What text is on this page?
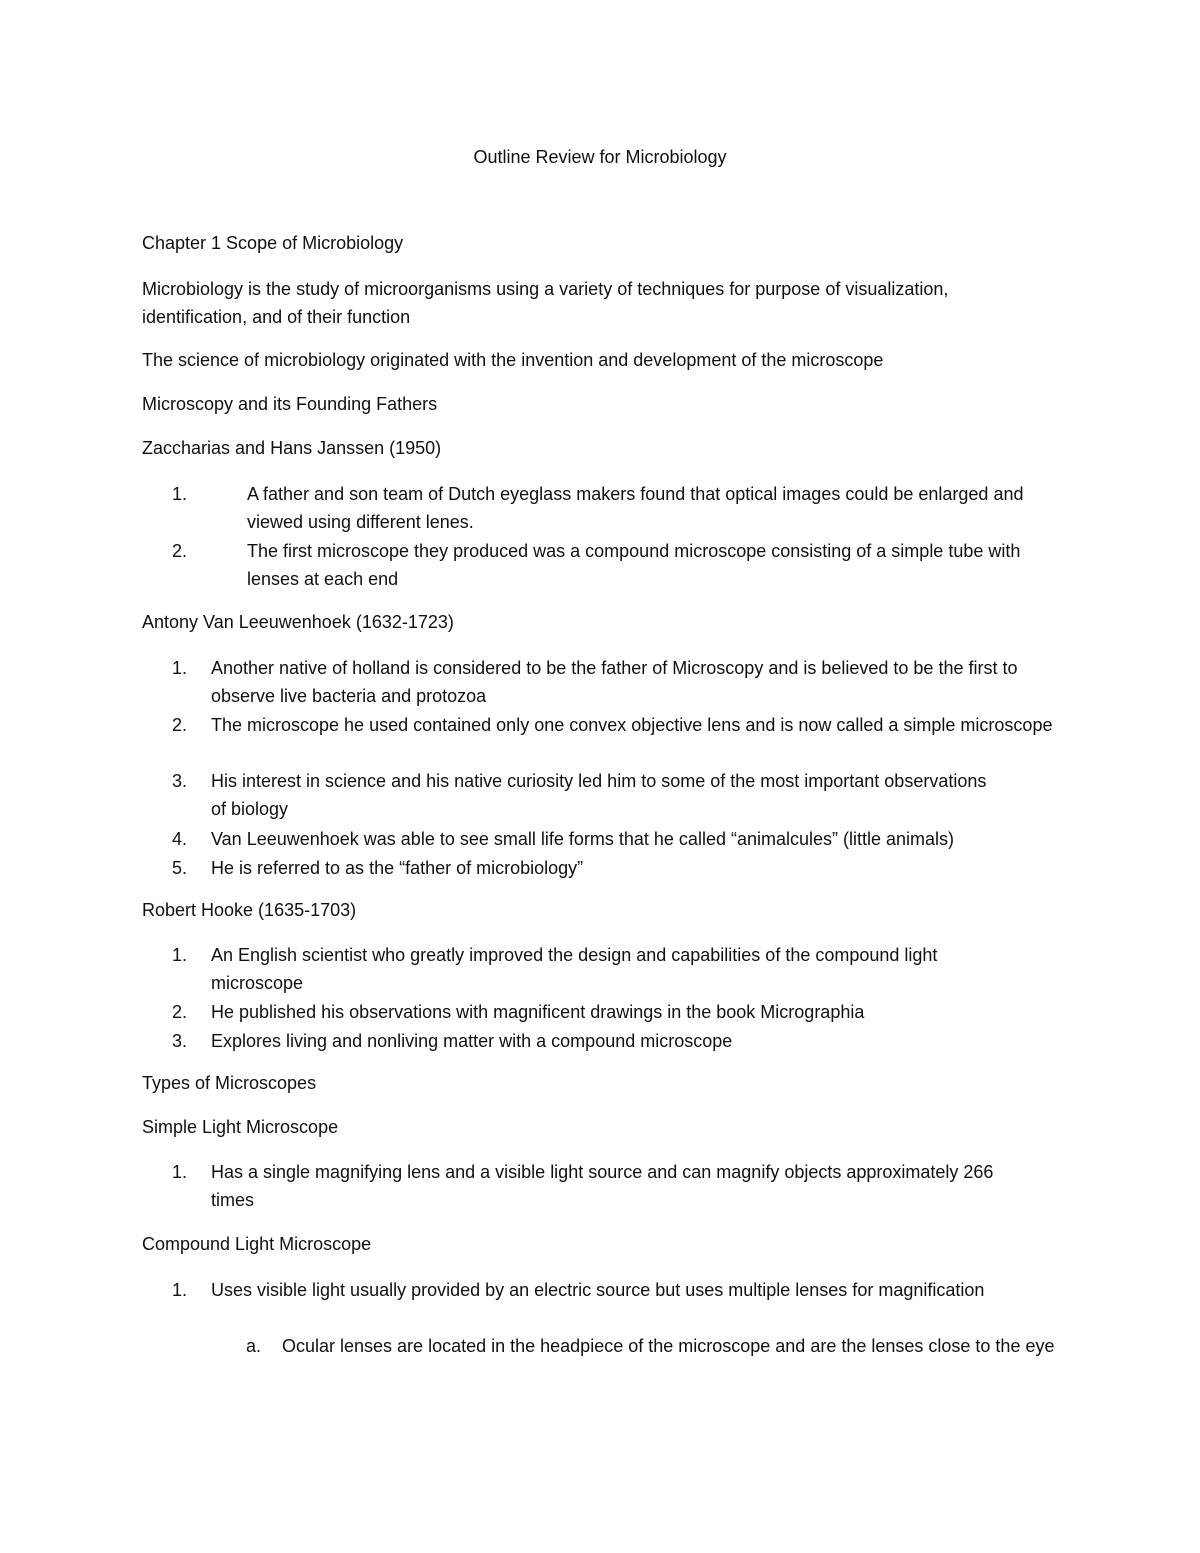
Outline Review for Microbiology
Chapter 1 Scope of Microbiology
Microbiology is the study of microorganisms using a variety of techniques for purpose of visualization, identification, and of their function
The science of microbiology originated with the invention and development of the microscope
Microscopy and its Founding Fathers
Zaccharias and Hans Janssen (1950)
1.	A father and son team of Dutch eyeglass makers found that optical images could be enlarged and viewed using different lenes.
2.	The first microscope they produced was a compound microscope consisting of a simple tube with lenses at each end
Antony Van Leeuwenhoek (1632-1723)
1.	Another native of holland is considered to be the father of Microscopy and is believed to be the first to observe live bacteria and protozoa
2.	The microscope he used contained only one convex objective lens and is now called a simple microscope
3.	His interest in science and his native curiosity led him to some of the most important observations of biology
4.	Van Leeuwenhoek was able to see small life forms that he called “animalcules” (little animals)
5.	He is referred to as the “father of microbiology”
Robert Hooke (1635-1703)
1.	An English scientist who greatly improved the design and capabilities of the compound light microscope
2.	He published his observations with magnificent drawings in the book Micrographia
3.	Explores living and nonliving matter with a compound microscope
Types of Microscopes
Simple Light Microscope
1.	Has a single magnifying lens and a visible light source and can magnify objects approximately 266 times
Compound Light Microscope
1.	Uses visible light usually provided by an electric source but uses multiple lenses for magnification
a.	Ocular lenses are located in the headpiece of the microscope and are the lenses close to the eye
